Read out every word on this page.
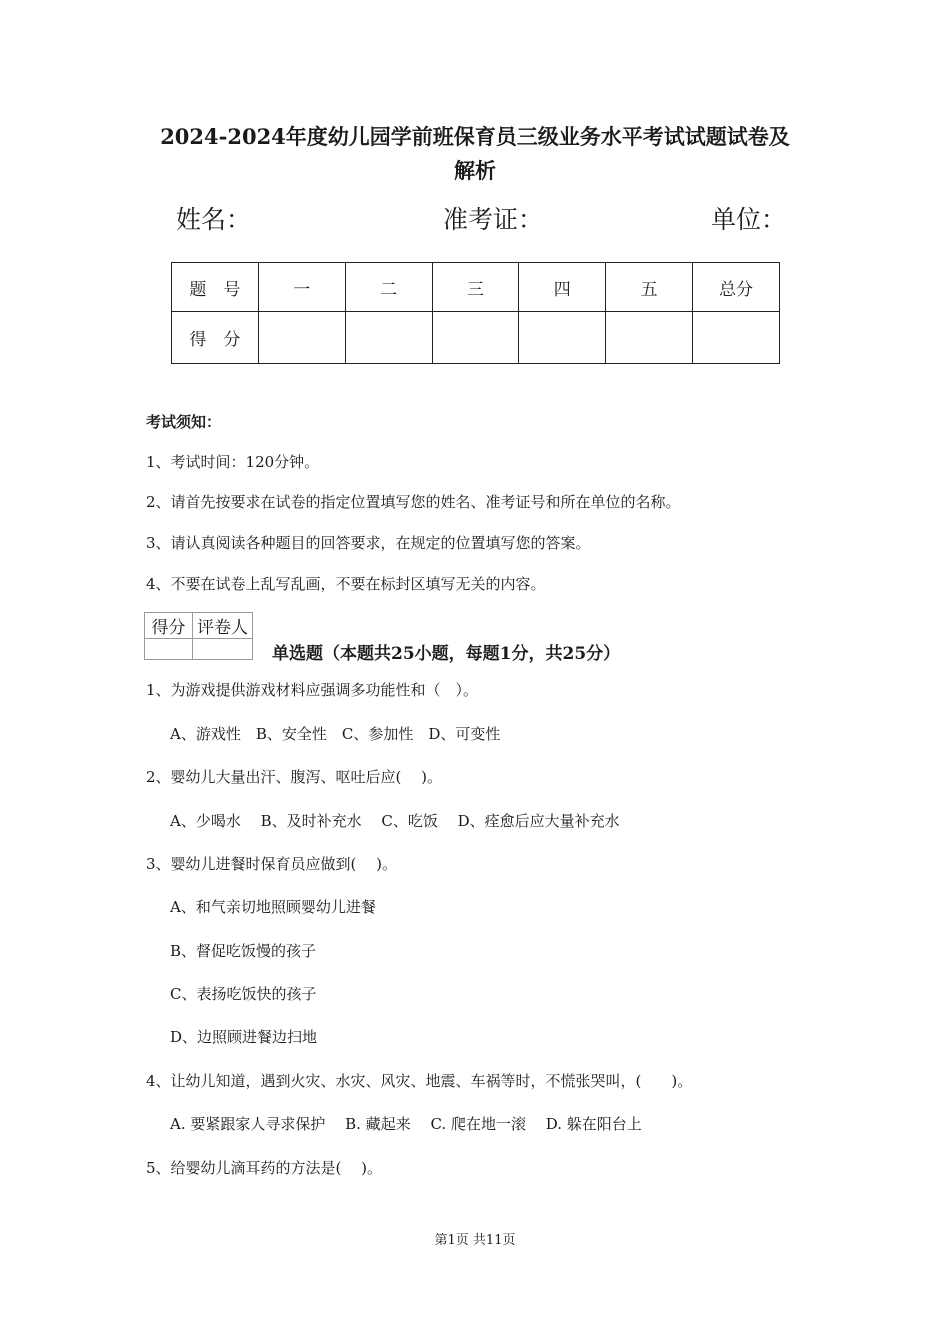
2024-2024年度幼儿园学前班保育员三级业务水平考试试题试卷及
解析
姓名：	准考证：	单位：
题　号	一	二	三	四	五	总分
得　分						
考试须知：
1、考试时间：120分钟。
2、请首先按要求在试卷的指定位置填写您的姓名、准考证号和所在单位的名称。
3、请认真阅读各种题目的回答要求，在规定的位置填写您的答案。
4、不要在试卷上乱写乱画，不要在标封区填写无关的内容。
得分	评卷人

单选题（本题共25小题，每题1分，共25分）
1、为游戏提供游戏材料应强调多功能性和（　）。
A、游戏性　B、安全性　C、参加性　D、可变性
2、婴幼儿大量出汗、腹泻、呕吐后应(　 )。
A、少喝水　 B、及时补充水　 C、吃饭　 D、痊愈后应大量补充水
3、婴幼儿进餐时保育员应做到(　 )。
A、和气亲切地照顾婴幼儿进餐
B、督促吃饭慢的孩子
C、表扬吃饭快的孩子
D、边照顾进餐边扫地
4、让幼儿知道，遇到火灾、水灾、风灾、地震、车祸等时，不慌张哭叫，(　　)。
A. 要紧跟家人寻求保护　 B. 藏起来　 C. 爬在地一滚　 D. 躲在阳台上
5、给婴幼儿滴耳药的方法是(　 )。
第1页 共11页
